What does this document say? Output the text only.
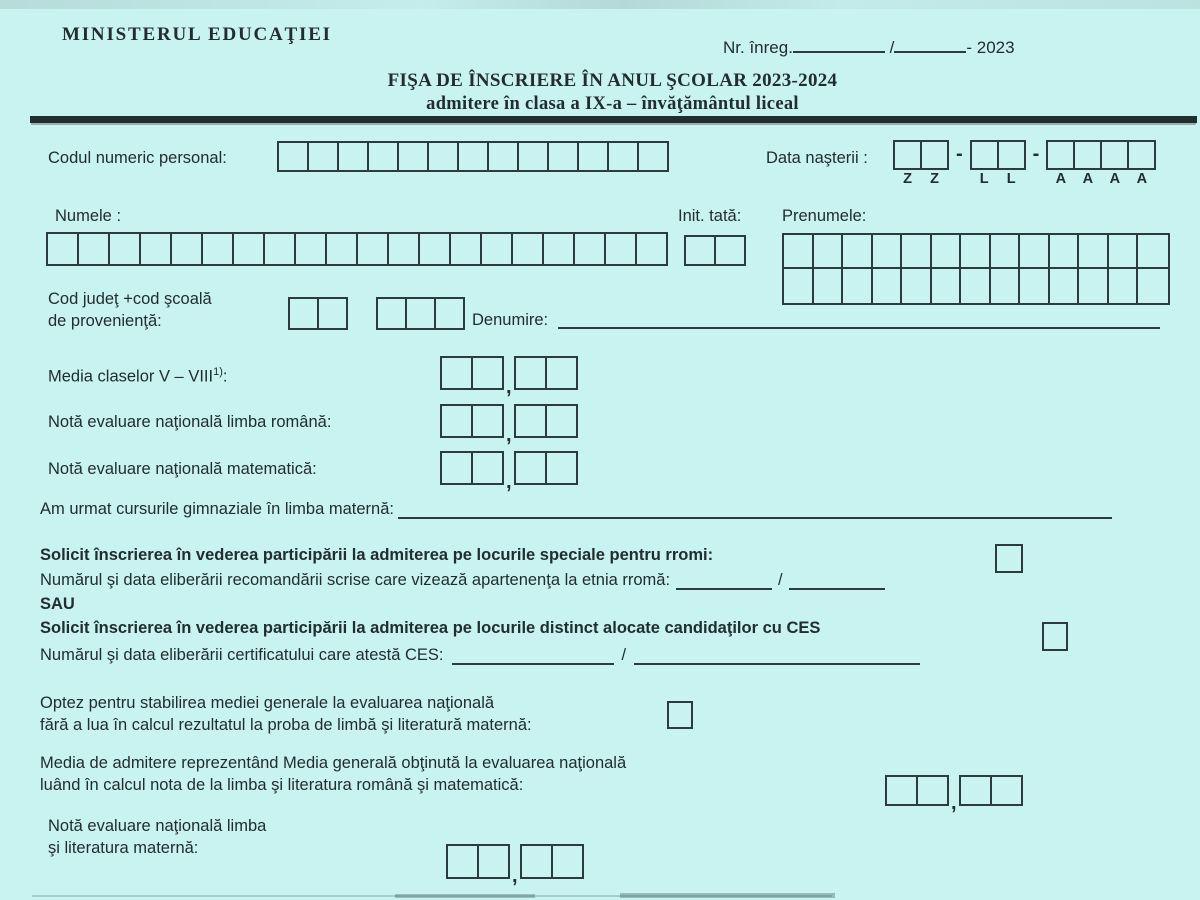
MINISTERUL EDUCAŢIEI
Nr. înreg.	/	- 2023
FIŞA DE ÎNSCRIERE ÎN ANUL ŞCOLAR 2023-2024
admitere în clasa a IX-a – învăţământul liceal
Codul numeric personal:	Data naşterii :
Z Z
-
L L
-
A A A A
Numele :	Init. tată: Prenumele:
Cod judeţ +cod şcoală
de provenienţă:	Denumire:
Media claselor V – VIII$^{1)}$:	,
Notă evaluare naţională limba română:
,
Notă evaluare naţională matematică:
,
Am urmat cursurile gimnaziale în limba maternă:
Solicit înscrierea în vederea participării la admiterea pe locurile speciale pentru rromi:
Numărul şi data eliberării recomandării scrise care vizează apartenenţa la etnia rromă:	/
SAU
Solicit înscrierea în vederea participării la admiterea pe locurile distinct alocate candidaţilor cu CES
Numărul şi data eliberării certificatului care atestă CES:	/
Optez pentru stabilirea mediei generale la evaluarea naţională
fără a lua în calcul rezultatul la proba de limbă şi literatură maternă:
Media de admitere reprezentând Media generală obţinută la evaluarea naţională
luând în calcul nota de la limba şi literatura română şi matematică:
,
Notă evaluare naţională limba
şi literatura maternă:
,
